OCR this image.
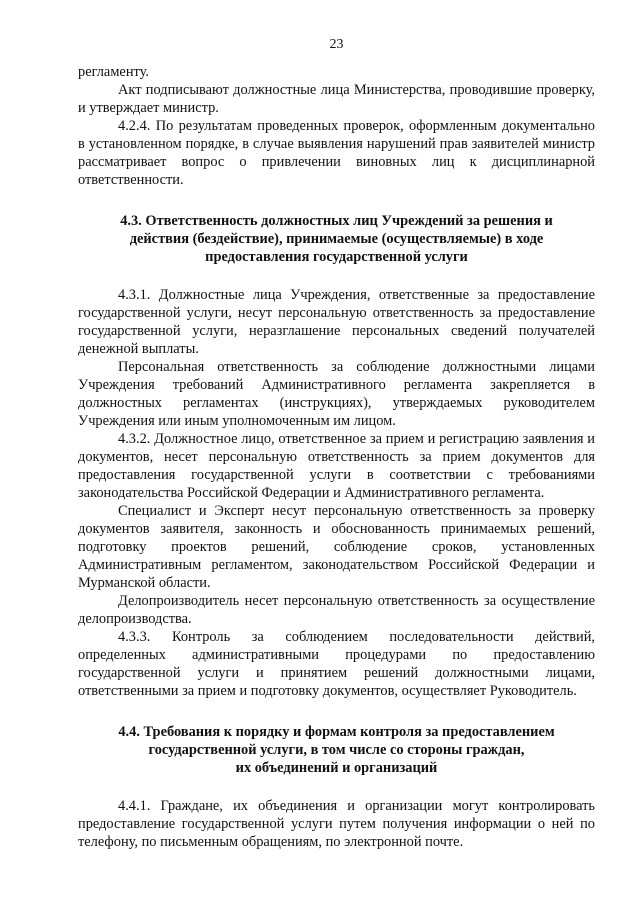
23

регламенту.

Акт подписывают должностные лица Министерства, проводившие проверку, и утверждает министр.

4.2.4. По результатам проведенных проверок, оформленным документально в установленном порядке, в случае выявления нарушений прав заявителей министр рассматривает вопрос о привлечении виновных лиц к дисциплинарной ответственности.

4.3. Ответственность должностных лиц Учреждений за решения и
действия (бездействие), принимаемые (осуществляемые) в ходе
предоставления государственной услуги

4.3.1. Должностные лица Учреждения, ответственные за предоставление государственной услуги, несут персональную ответственность за предоставление государственной услуги, неразглашение персональных сведений получателей денежной выплаты.

Персональная ответственность за соблюдение должностными лицами Учреждения требований Административного регламента закрепляется в должностных регламентах (инструкциях), утверждаемых руководителем Учреждения или иным уполномоченным им лицом.

4.3.2. Должностное лицо, ответственное за прием и регистрацию заявления и документов, несет персональную ответственность за прием документов для предоставления государственной услуги в соответствии с требованиями законодательства Российской Федерации и Административного регламента.

Специалист и Эксперт несут персональную ответственность за проверку документов заявителя, законность и обоснованность принимаемых решений, подготовку проектов решений, соблюдение сроков, установленных Административным регламентом, законодательством Российской Федерации и Мурманской области.

Делопроизводитель несет персональную ответственность за осуществление делопроизводства.

4.3.3. Контроль за соблюдением последовательности действий, определенных административными процедурами по предоставлению государственной услуги и принятием решений должностными лицами, ответственными за прием и подготовку документов, осуществляет Руководитель.

4.4. Требования к порядку и формам контроля за предоставлением
государственной услуги, в том числе со стороны граждан,
их объединений и организаций

4.4.1. Граждане, их объединения и организации могут контролировать предоставление государственной услуги путем получения информации о ней по телефону, по письменным обращениям, по электронной почте.
